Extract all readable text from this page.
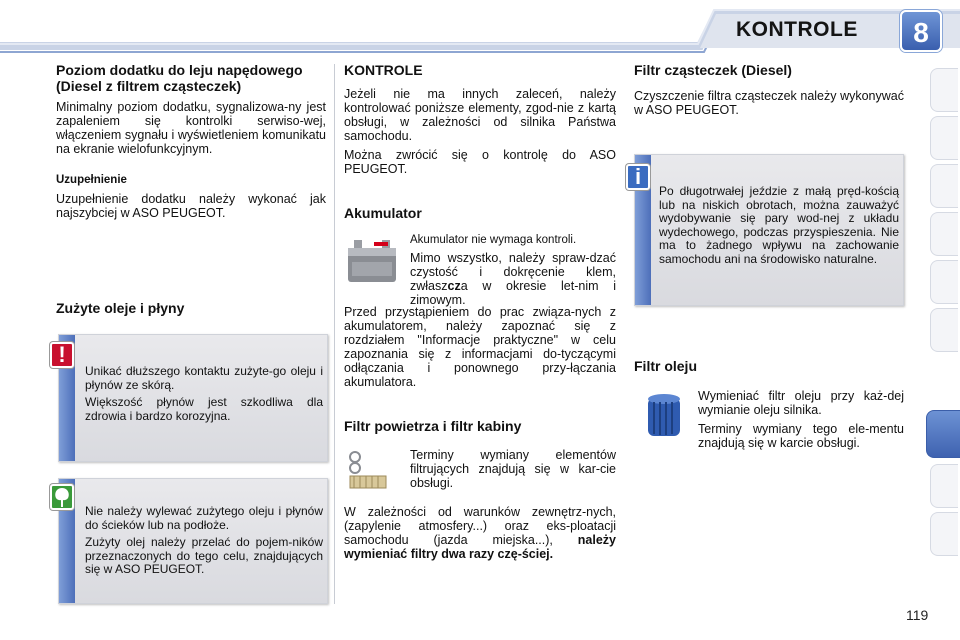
KONTROLE	8
Poziom dodatku do leju napędowego (Diesel z filtrem cząsteczek)

Minimalny poziom dodatku, sygnalizowa-ny jest zapaleniem się kontrolki serwiso-wej, włączeniem sygnału i wyświetleniem komunikatu na ekranie wielofunkcyjnym.

Uzupełnienie

Uzupełnienie dodatku należy wykonać jak najszybciej w ASO PEUGEOT.

Zużyte oleje i płyny

Unikać dłuższego kontaktu zużyte-go oleju i płynów ze skórą.

Większość płynów jest szkodliwa dla zdrowia i bardzo korozyjna.

!

Nie należy wylewać zużytego oleju i płynów do ścieków lub na podłoże.

Zużyty olej należy przelać do pojem-ników przeznaczonych do tego celu, znajdujących się w ASO PEUGEOT.

KONTROLE

Jeżeli nie ma innych zaleceń, należy kontrolować poniższe elementy, zgod-nie z kartą obsługi, w zależności od silnika Państwa samochodu.

Można zwrócić się o kontrolę do ASO PEUGEOT.

Akumulator

Akumulator nie wymaga kontroli.

Mimo wszystko, należy spraw-dzać czystość i dokręcenie klem, zwłaszcza w okresie let-nim i zimowym.

Przed przystąpieniem do prac związa-nych z akumulatorem, należy zapoznać się z rozdziałem "Informacje praktyczne" w celu zapoznania się z informacjami do-tyczącymi odłączania i ponownego przy-łączania akumulatora.

Filtr powietrza i filtr kabiny

Terminy wymiany elementów filtrujących znajdują się w kar-cie obsługi.

W zależności od warunków zewnętrz-nych, (zapylenie atmosfery...) oraz eks-ploatacji samochodu (jazda miejska...), należy wymieniać filtry dwa razy czę-ściej.

Filtr cząsteczek (Diesel)

Czyszczenie filtra cząsteczek należy wykonywać w ASO PEUGEOT.

Po długotrwałej jeździe z małą pręd-kością lub na niskich obrotach, można zauważyć wydobywanie się pary wod-nej z układu wydechowego, podczas przyspieszenia. Nie ma to żadnego wpływu na zachowanie samochodu ani na środowisko naturalne.
i
Filtr oleju

Wymieniać filtr oleju przy każ-dej wymianie oleju silnika.

Terminy wymiany tego ele-mentu znajdują się w karcie obsługi.

119
